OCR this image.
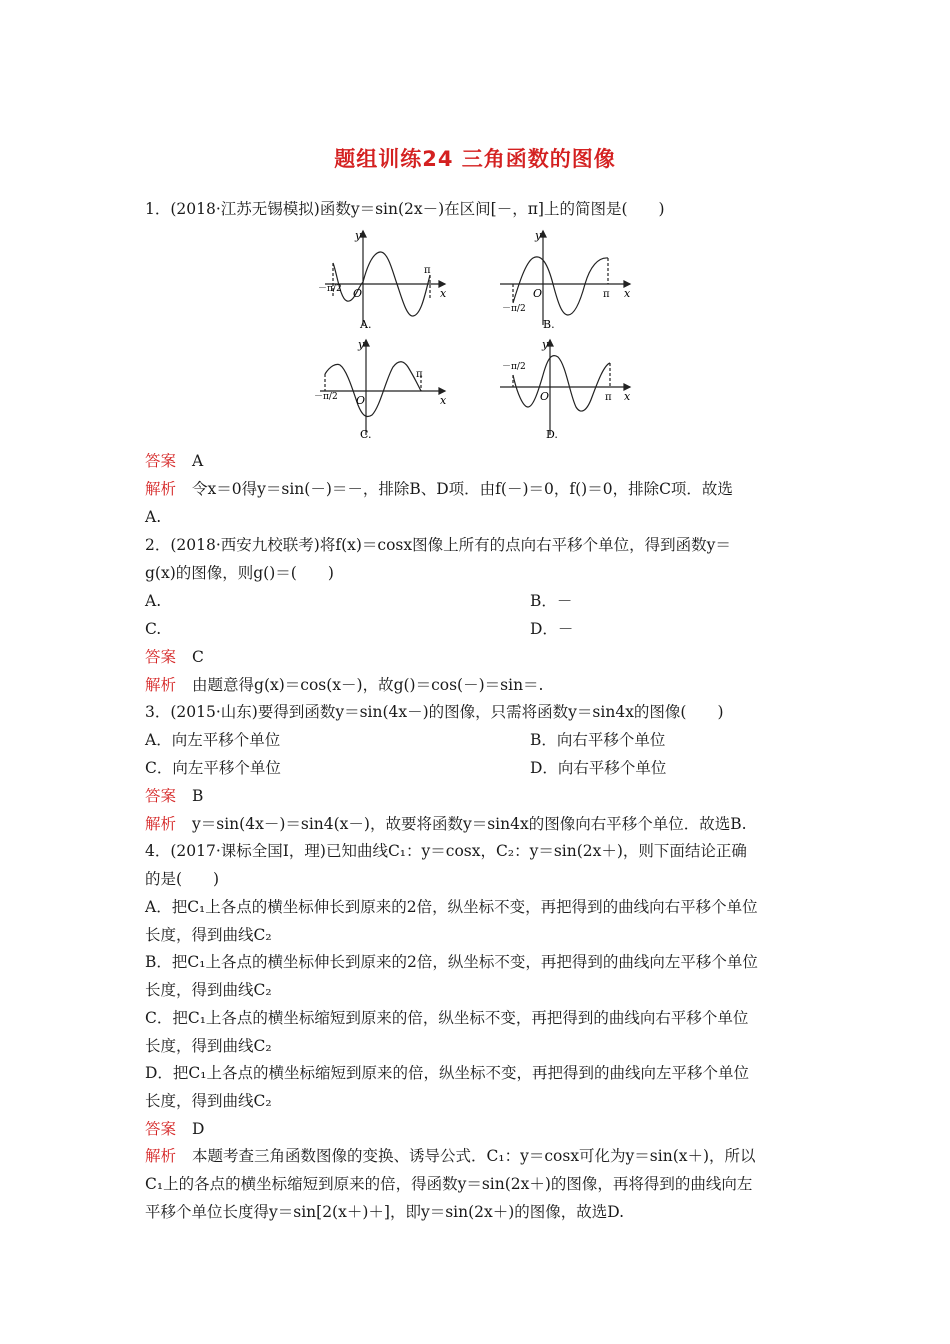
题组训练24 三角函数的图像
1．(2018·江苏无锡模拟)函数y＝sin(2x－)在区间[－，π]上的简图是(　　)
y
x
O
π
－π/2
A.
y
x
O	π
－π/2
B.
y
x
O
π
－π/2
C.
y
x
O	π
－π/2
D.
答案 A
解析 令x＝0得y＝sin(－)＝－，排除B、D项．由f(－)＝0，f()＝0，排除C项．故选
A.
2．(2018·西安九校联考)将f(x)＝cosx图像上所有的点向右平移个单位，得到函数y＝
g(x)的图像，则g()＝(　　)
A.	B．－
C.	D．－
答案 C
解析 由题意得g(x)＝cos(x－)，故g()＝cos(－)＝sin＝.
3．(2015·山东)要得到函数y＝sin(4x－)的图像，只需将函数y＝sin4x的图像(　　)
A．向左平移个单位	B．向右平移个单位
C．向左平移个单位	D．向右平移个单位
答案 B
解析 y＝sin(4x－)＝sin4(x－)，故要将函数y＝sin4x的图像向右平移个单位．故选B.
4．(2017·课标全国Ⅰ，理)已知曲线C₁：y＝cosx，C₂：y＝sin(2x＋)，则下面结论正确
的是(　　)
A．把C₁上各点的横坐标伸长到原来的2倍，纵坐标不变，再把得到的曲线向右平移个单位
长度，得到曲线C₂
B．把C₁上各点的横坐标伸长到原来的2倍，纵坐标不变，再把得到的曲线向左平移个单位
长度，得到曲线C₂
C．把C₁上各点的横坐标缩短到原来的倍，纵坐标不变，再把得到的曲线向右平移个单位
长度，得到曲线C₂
D．把C₁上各点的横坐标缩短到原来的倍，纵坐标不变，再把得到的曲线向左平移个单位
长度，得到曲线C₂
答案 D
解析 本题考查三角函数图像的变换、诱导公式．C₁：y＝cosx可化为y＝sin(x＋)，所以
C₁上的各点的横坐标缩短到原来的倍，得函数y＝sin(2x＋)的图像，再将得到的曲线向左
平移个单位长度得y＝sin[2(x＋)＋]，即y＝sin(2x＋)的图像，故选D.
